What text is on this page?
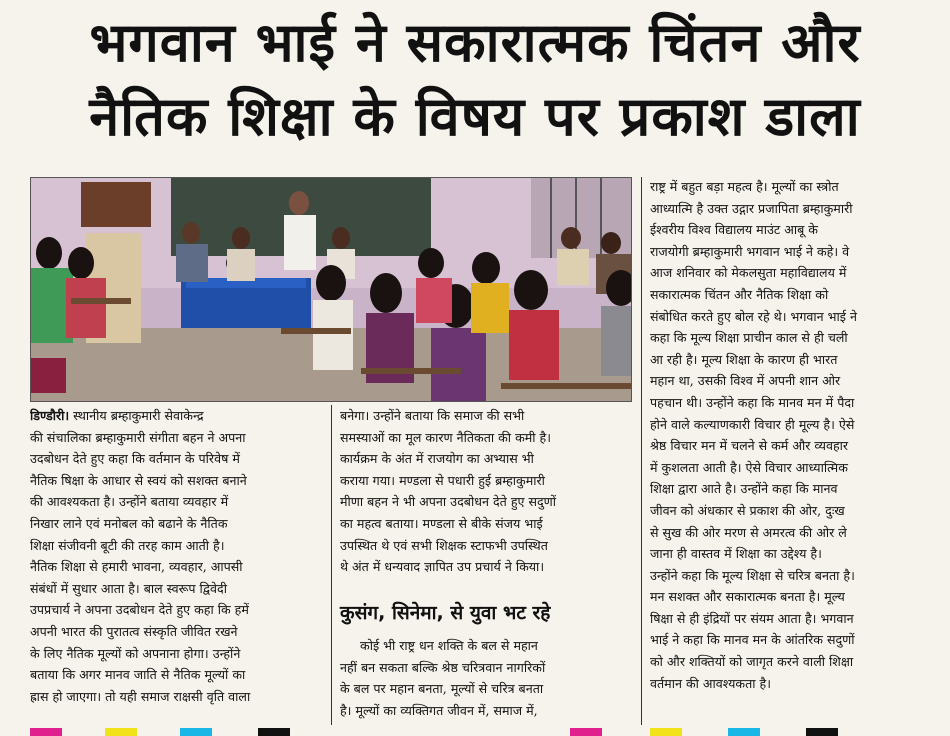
भगवान भाई ने सकारात्मक चिंतन और
नैतिक शिक्षा के विषय पर प्रकाश डाला
डिण्डौरी। स्थानीय ब्रम्हाकुमारी सेवाकेन्द्र
की संचालिका ब्रम्हाकुमारी संगीता बहन ने अपना
उदबोधन देते हुए कहा कि वर्तमान के परिवेष में
नैतिक षिक्षा के आधार से स्वयं को सशक्त बनाने
की आवश्यकता है। उन्होंने बताया व्यवहार में
निखार लाने एवं मनोबल को बढाने के नैतिक
शिक्षा संजीवनी बूटी की तरह काम आती है।
नैतिक शिक्षा से हमारी भावना, व्यवहार, आपसी
संबंधों में सुधार आता है। बाल स्वरूप द्विवेदी
उपप्रचार्य ने अपना उदबोधन देते हुए कहा कि हमें
अपनी भारत की पुरातत्व संस्कृति जीवित रखने
के लिए नैतिक मूल्यों को अपनाना होगा। उन्होंने
बताया कि अगर मानव जाति से नैतिक मूल्यों का
ह्रास हो जाएगा। तो यही समाज राक्षसी वृति वाला
बनेगा। उन्होंने बताया कि समाज की सभी
समस्याओं का मूल कारण नैतिकता की कमी है।
कार्यक्रम के अंत में राजयोग का अभ्यास भी
कराया गया। मण्डला से पधारी हुई ब्रम्हाकुमारी
मीणा बहन ने भी अपना उदबोधन देते हुए सदुणों
का महत्व बताया। मण्डला से बीके संजय भाई
उपस्थित थे एवं सभी शिक्षक स्टाफभी उपस्थित
थे अंत में धन्यवाद ज्ञापित उप प्रचार्य ने किया।
कुसंग, सिनेमा, से युवा भट रहे
कोई भी राष्ट्र धन शक्ति के बल से महान
नहीं बन सकता बल्कि श्रेष्ठ चरित्रवान नागरिकों
के बल पर महान बनता, मूल्यों से चरित्र बनता
है। मूल्यों का व्यक्तिगत जीवन में, समाज में,
राष्ट्र में बहुत बड़ा महत्व है। मूल्यों का स्त्रोत
आध्यात्मि है उक्त उद्गार प्रजापिता ब्रम्हाकुमारी
ईश्वरीय विश्व विद्यालय माउंट आबू के
राजयोगी ब्रम्हाकुमारी भगवान भाई ने कहे। वे
आज शनिवार को मेकलसुता महाविद्यालय में
सकारात्मक चिंतन और नैतिक शिक्षा को
संबोधित करते हुए बोल रहे थे। भगवान भाई ने
कहा कि मूल्य शिक्षा प्राचीन काल से ही चली
आ रही है। मूल्य शिक्षा के कारण ही भारत
महान था, उसकी विश्व में अपनी शान ओर
पहचान थी। उन्होंने कहा कि मानव मन में पैदा
होने वाले कल्याणकारी विचार ही मूल्य है। ऐसे
श्रेष्ठ विचार मन में चलने से कर्म और व्यवहार
में कुशलता आती है। ऐसे विचार आध्यात्मिक
शिक्षा द्वारा आते है। उन्होंने कहा कि मानव
जीवन को अंधकार से प्रकाश की ओर, दुःख
से सुख की ओर मरण से अमरत्व की ओर ले
जाना ही वास्तव में शिक्षा का उद्देश्य है।
उन्होंने कहा कि मूल्य शिक्षा से चरित्र बनता है।
मन सशक्त और सकारात्मक बनता है। मूल्य
षिक्षा से ही इंद्रियों पर संयम आता है। भगवान
भाई ने कहा कि मानव मन के आंतरिक सदुणों
को और शक्तियों को जागृत करने वाली शिक्षा
वर्तमान की आवश्यकता है।
